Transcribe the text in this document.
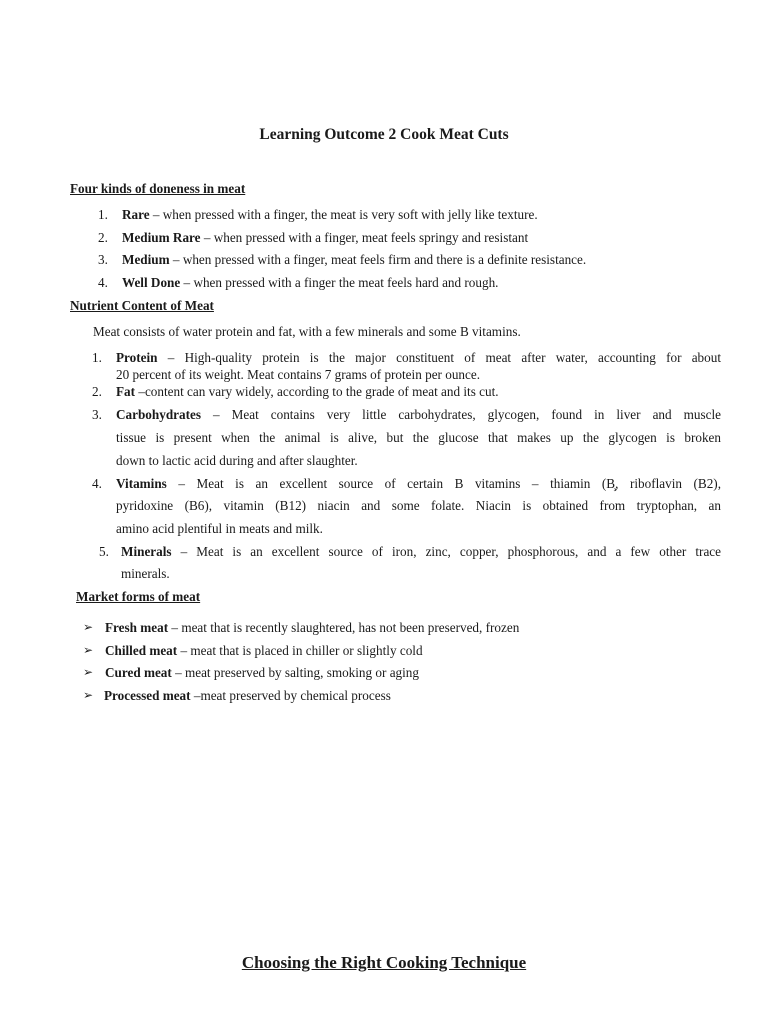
Learning Outcome 2 Cook Meat Cuts
Four kinds of doneness in meat
1. Rare – when pressed with a finger, the meat is very soft with jelly like texture.
2. Medium Rare – when pressed with a finger, meat feels springy and resistant
3. Medium – when pressed with a finger, meat feels firm and there is a definite resistance.
4. Well Done – when pressed with a finger the meat feels hard and rough.
Nutrient Content of Meat
Meat consists of water protein and fat, with a few minerals and some B vitamins.
1. Protein – High-quality protein is the major constituent of meat after water, accounting for about
20 percent of its weight. Meat contains 7 grams of protein per ounce.
2. Fat –content can vary widely, according to the grade of meat and its cut.
3. Carbohydrates – Meat contains very little carbohydrates, glycogen, found in liver and muscle
tissue is present when the animal is alive, but the glucose that makes up the glycogen is broken
down to lactic acid during and after slaughter.
4. Vitamins – Meat is an excellent source of certain B vitamins – thiamin (B̧, riboflavin (B2),
pyridoxine (B6), vitamin (B12) niacin and some folate. Niacin is obtained from tryptophan, an
amino acid plentiful in meats and milk.
5. Minerals – Meat is an excellent source of iron, zinc, copper, phosphorous, and a few other trace
minerals.
Market forms of meat
➢ Fresh meat – meat that is recently slaughtered, has not been preserved, frozen
➢ Chilled meat – meat that is placed in chiller or slightly cold
➢ Cured meat – meat preserved by salting, smoking or aging
➢ Processed meat –meat preserved by chemical process
Choosing the Right Cooking Technique
